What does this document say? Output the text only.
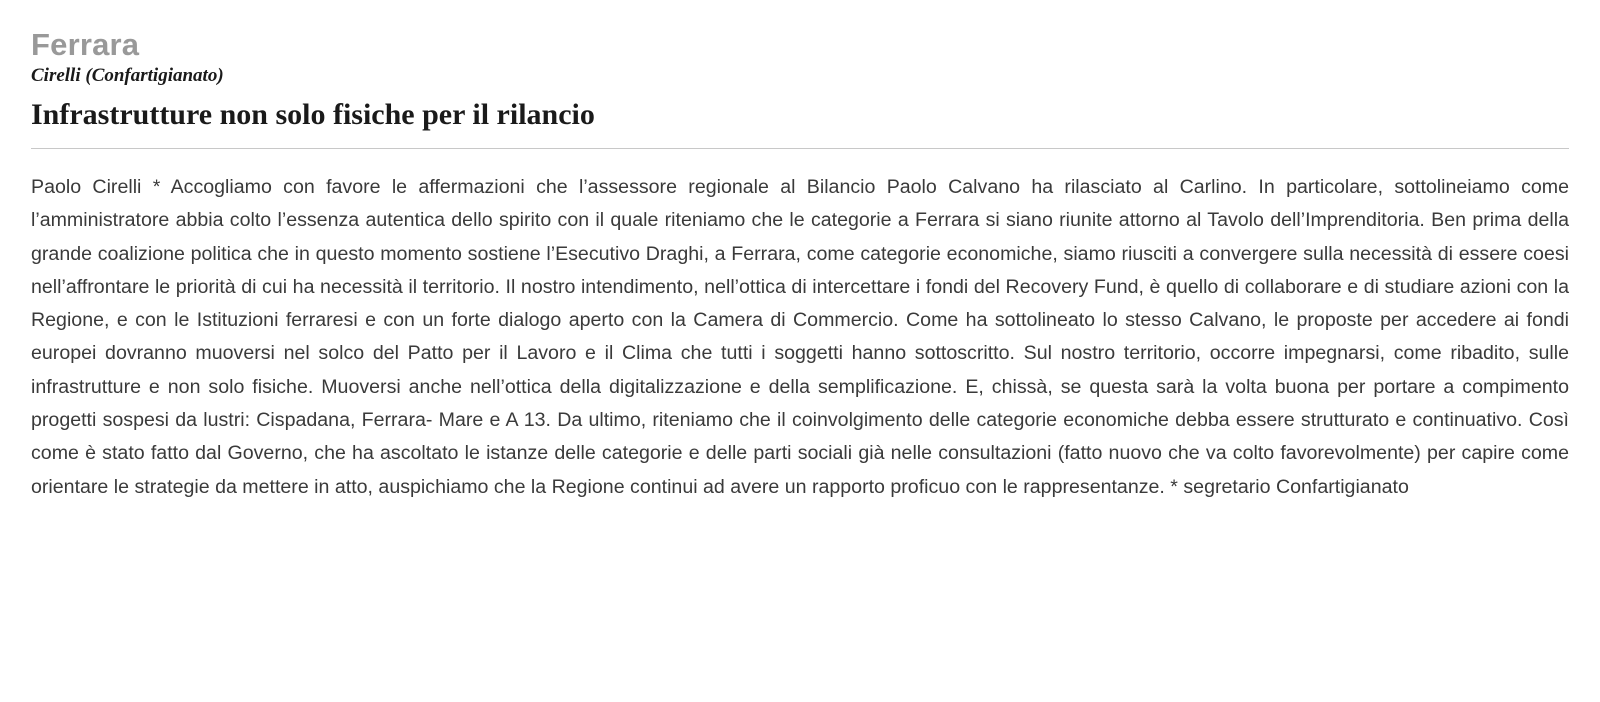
Ferrara
Cirelli (Confartigianato)
Infrastrutture non solo fisiche per il rilancio

Paolo Cirelli * Accogliamo con favore le affermazioni che l’assessore regionale al Bilancio Paolo Calvano ha rilasciato al Carlino. In particolare, sottolineiamo come l’amministratore abbia colto l’essenza autentica dello spirito con il quale riteniamo che le categorie a Ferrara si siano riunite attorno al Tavolo dell’Imprenditoria. Ben prima della grande coalizione politica che in questo momento sostiene l’Esecutivo Draghi, a Ferrara, come categorie economiche, siamo riusciti a convergere sulla necessità di essere coesi nell’affrontare le priorità di cui ha necessità il territorio. Il nostro intendimento, nell’ottica di intercettare i fondi del Recovery Fund, è quello di collaborare e di studiare azioni con la Regione, e con le Istituzioni ferraresi e con un forte dialogo aperto con la Camera di Commercio. Come ha sottolineato lo stesso Calvano, le proposte per accedere ai fondi europei dovranno muoversi nel solco del Patto per il Lavoro e il Clima che tutti i soggetti hanno sottoscritto. Sul nostro territorio, occorre impegnarsi, come ribadito, sulle infrastrutture e non solo fisiche. Muoversi anche nell’ottica della digitalizzazione e della semplificazione. E, chissà, se questa sarà la volta buona per portare a compimento progetti sospesi da lustri: Cispadana, Ferrara- Mare e A 13. Da ultimo, riteniamo che il coinvolgimento delle categorie economiche debba essere strutturato e continuativo. Così come è stato fatto dal Governo, che ha ascoltato le istanze delle categorie e delle parti sociali già nelle consultazioni (fatto nuovo che va colto favorevolmente) per capire come orientare le strategie da mettere in atto, auspichiamo che la Regione continui ad avere un rapporto proficuo con le rappresentanze. * segretario Confartigianato
